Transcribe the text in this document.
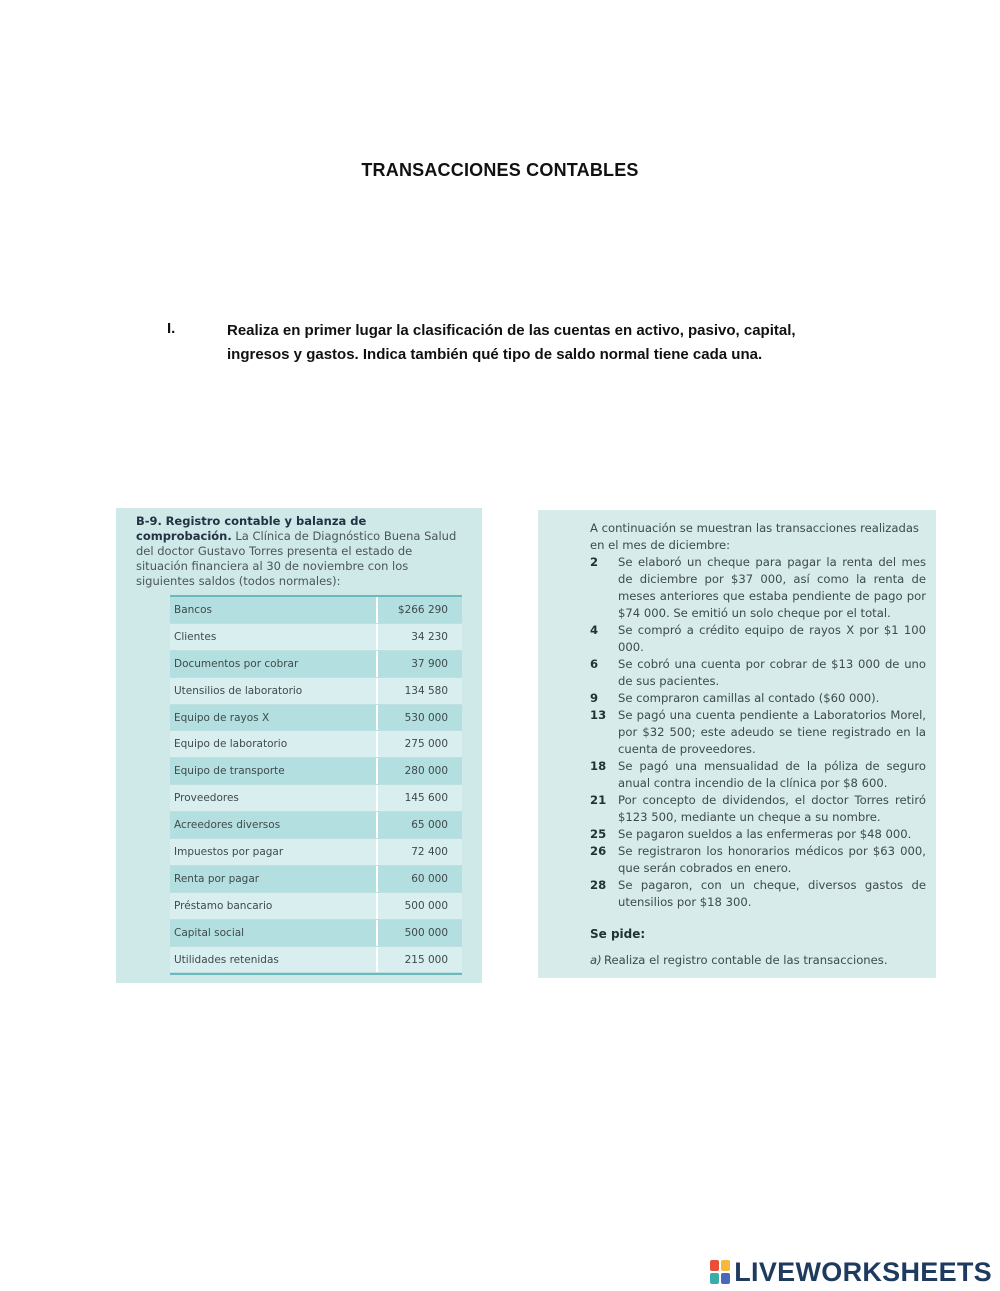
TRANSACCIONES CONTABLES
I.	Realiza en primer lugar la clasificación de las cuentas en activo, pasivo, capital, ingresos y gastos. Indica también qué tipo de saldo normal tiene cada una.
B-9. Registro contable y balanza de comprobación. La Clínica de Diagnóstico Buena Salud del doctor Gustavo Torres presenta el estado de situación financiera al 30 de noviembre con los siguientes saldos (todos normales):
Bancos	$266 290
Clientes	34 230
Documentos por cobrar	37 900
Utensilios de laboratorio	134 580
Equipo de rayos X	530 000
Equipo de laboratorio	275 000
Equipo de transporte	280 000
Proveedores	145 600
Acreedores diversos	65 000
Impuestos por pagar	72 400
Renta por pagar	60 000
Préstamo bancario	500 000
Capital social	500 000
Utilidades retenidas	215 000
A continuación se muestran las transacciones realizadas en el mes de diciembre:
2	Se elaboró un cheque para pagar la renta del mes de diciembre por $37 000, así como la renta de meses anteriores que estaba pendiente de pago por $74 000. Se emitió un solo cheque por el total.
4	Se compró a crédito equipo de rayos X por $1 100 000.
6	Se cobró una cuenta por cobrar de $13 000 de uno de sus pacientes.
9	Se compraron camillas al contado ($60 000).
13	Se pagó una cuenta pendiente a Laboratorios Morel, por $32 500; este adeudo se tiene registrado en la cuenta de proveedores.
18	Se pagó una mensualidad de la póliza de seguro anual contra incendio de la clínica por $8 600.
21	Por concepto de dividendos, el doctor Torres retiró $123 500, mediante un cheque a su nombre.
25	Se pagaron sueldos a las enfermeras por $48 000.
26	Se registraron los honorarios médicos por $63 000, que serán cobrados en enero.
28	Se pagaron, con un cheque, diversos gastos de utensilios por $18 300.
Se pide:
a) Realiza el registro contable de las transacciones.
LIVEWORKSHEETS
